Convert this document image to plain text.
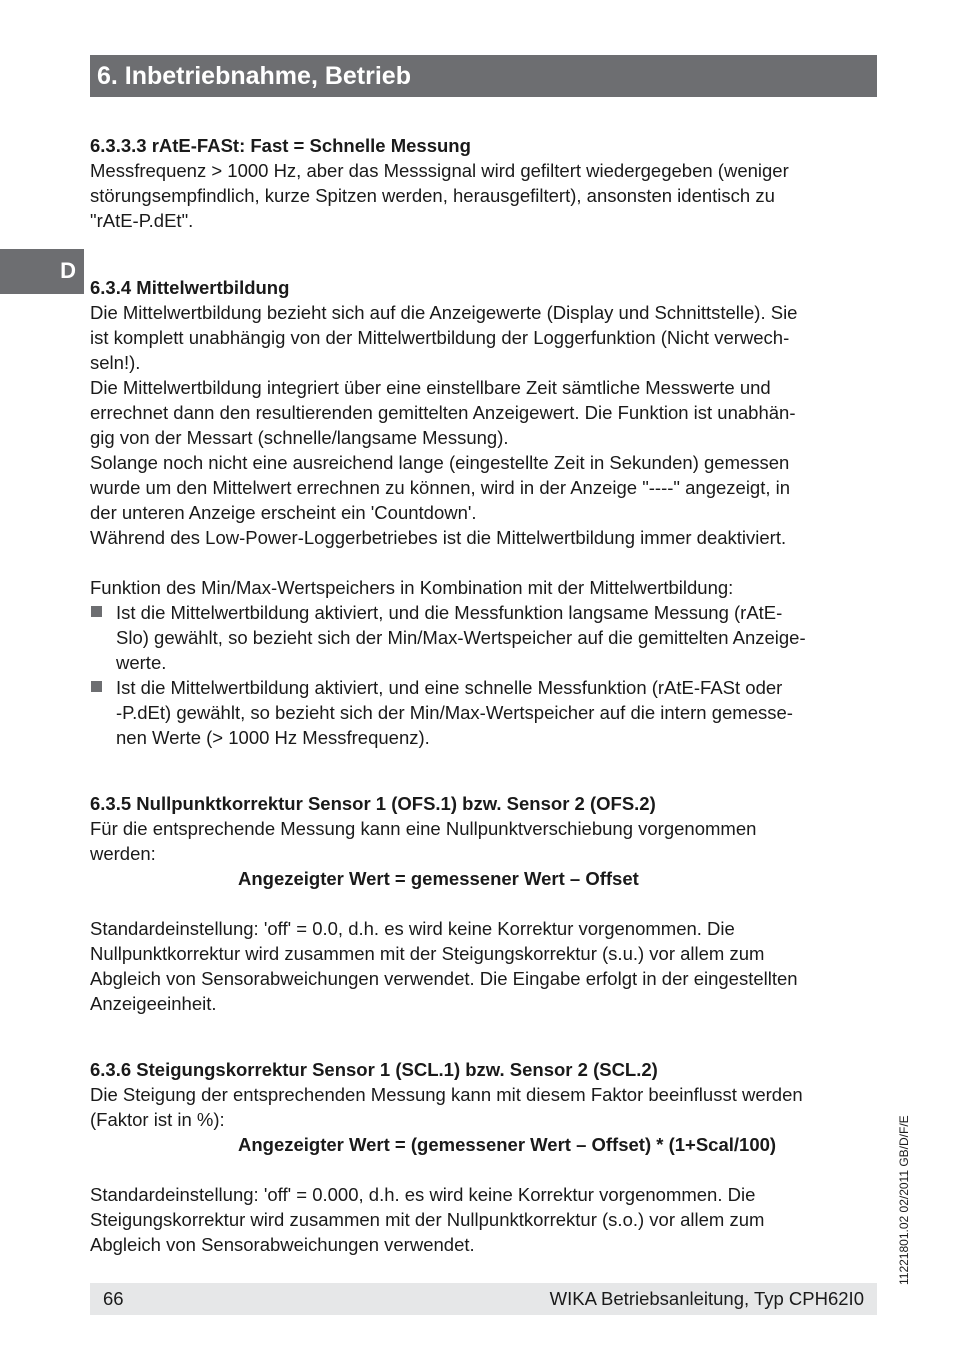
6. Inbetriebnahme, Betrieb
D

6.3.3.3 rAtE-FASt: Fast = Schnelle Messung

Messfrequenz > 1000 Hz, aber das Messsignal wird gefiltert wiedergegeben (weniger

störungsempfindlich, kurze Spitzen werden, herausgefiltert), ansonsten identisch zu

"rAtE-P.dEt".

6.3.4 Mittelwertbildung

Die Mittelwertbildung bezieht sich auf die Anzeigewerte (Display und Schnittstelle). Sie

ist komplett unabhängig von der Mittelwertbildung der Loggerfunktion (Nicht verwech-

seln!).

Die Mittelwertbildung integriert über eine einstellbare Zeit sämtliche Messwerte und

errechnet dann den resultierenden gemittelten Anzeigewert. Die Funktion ist unabhän-

gig von der Messart (schnelle/langsame Messung).

Solange noch nicht eine ausreichend lange (eingestellte Zeit in Sekunden) gemessen

wurde um den Mittelwert errechnen zu können, wird in der Anzeige "----" angezeigt, in

der unteren Anzeige erscheint ein 'Countdown'.

Während des Low-Power-Loggerbetriebes ist die Mittelwertbildung immer deaktiviert.

Funktion des Min/Max-Wertspeichers in Kombination mit der Mittelwertbildung:

Ist die Mittelwertbildung aktiviert, und die Messfunktion langsame Messung (rAtE-

Slo) gewählt, so bezieht sich der Min/Max-Wertspeicher auf die gemittelten Anzeige-

werte.

Ist die Mittelwertbildung aktiviert, und eine schnelle Messfunktion (rAtE-FASt oder

-P.dEt) gewählt, so bezieht sich der Min/Max-Wertspeicher auf die intern gemesse-

nen Werte (> 1000 Hz Messfrequenz).

6.3.5 Nullpunktkorrektur Sensor 1 (OFS.1) bzw. Sensor 2 (OFS.2)

Für die entsprechende Messung kann eine Nullpunktverschiebung vorgenommen

werden:

Angezeigter Wert = gemessener Wert – Offset

Standardeinstellung: 'off' = 0.0, d.h. es wird keine Korrektur vorgenommen. Die

Nullpunktkorrektur wird zusammen mit der Steigungskorrektur (s.u.) vor allem zum

Abgleich von Sensorabweichungen verwendet. Die Eingabe erfolgt in der eingestellten

Anzeigeeinheit.

6.3.6 Steigungskorrektur Sensor 1 (SCL.1) bzw. Sensor 2 (SCL.2)

Die Steigung der entsprechenden Messung kann mit diesem Faktor beeinflusst werden

(Faktor ist in %):

Angezeigter Wert = (gemessener Wert – Offset) * (1+Scal/100)

Standardeinstellung: 'off' = 0.000, d.h. es wird keine Korrektur vorgenommen. Die

Steigungskorrektur wird zusammen mit der Nullpunktkorrektur (s.o.) vor allem zum

Abgleich von Sensorabweichungen verwendet.	11221801.02 02/2011 GB/D/F/E
66	WIKA Betriebsanleitung, Typ CPH62I0
